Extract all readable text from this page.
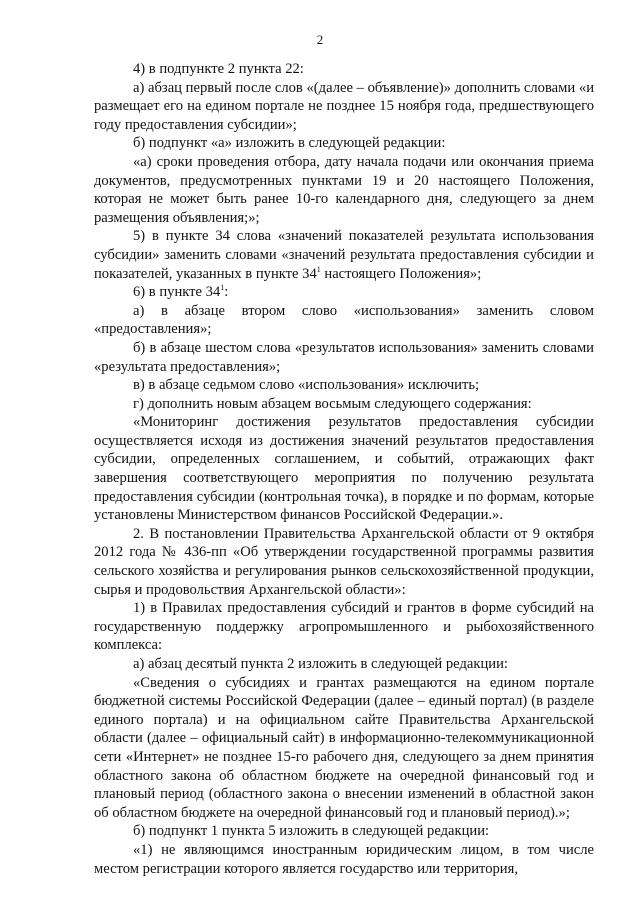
2

4) в подпункте 2 пункта 22:

а) абзац первый после слов «(далее – объявление)» дополнить словами «и размещает его на едином портале не позднее 15 ноября года, предшествующего году предоставления субсидии»;

б) подпункт «а» изложить в следующей редакции:

«а) сроки проведения отбора, дату начала подачи или окончания приема документов, предусмотренных пунктами 19 и 20 настоящего Положения, которая не может быть ранее 10-го календарного дня, следующего за днем размещения объявления;»;

5) в пункте 34 слова «значений показателей результата использования субсидии» заменить словами «значений результата предоставления субсидии и показателей, указанных в пункте $34^1$ настоящего Положения»;

6) в пункте $34^1$:

а) в абзаце втором слово «использования» заменить словом «предоставления»;

б) в абзаце шестом слова «результатов использования» заменить словами «результата предоставления»;

в) в абзаце седьмом слово «использования» исключить;

г) дополнить новым абзацем восьмым следующего содержания:

«Мониторинг достижения результатов предоставления субсидии осуществляется исходя из достижения значений результатов предоставления субсидии, определенных соглашением, и событий, отражающих факт завершения соответствующего мероприятия по получению результата предоставления субсидии (контрольная точка), в порядке и по формам, которые установлены Министерством финансов Российской Федерации.».

2. В постановлении Правительства Архангельской области от 9 октября 2012 года № 436-пп «Об утверждении государственной программы развития сельского хозяйства и регулирования рынков сельскохозяйственной продукции, сырья и продовольствия Архангельской области»:

1) в Правилах предоставления субсидий и грантов в форме субсидий на государственную поддержку агропромышленного и рыбохозяйственного комплекса:

а) абзац десятый пункта 2 изложить в следующей редакции:

«Сведения о субсидиях и грантах размещаются на едином портале бюджетной системы Российской Федерации (далее – единый портал) (в разделе единого портала) и на официальном сайте Правительства Архангельской области (далее – официальный сайт) в информационно-телекоммуникационной сети «Интернет» не позднее 15-го рабочего дня, следующего за днем принятия областного закона об областном бюджете на очередной финансовый год и плановый период (областного закона о внесении изменений в областной закон об областном бюджете на очередной финансовый год и плановый период).»;

б) подпункт 1 пункта 5 изложить в следующей редакции:

«1) не являющимся иностранным юридическим лицом, в том числе местом регистрации которого является государство или территория,
